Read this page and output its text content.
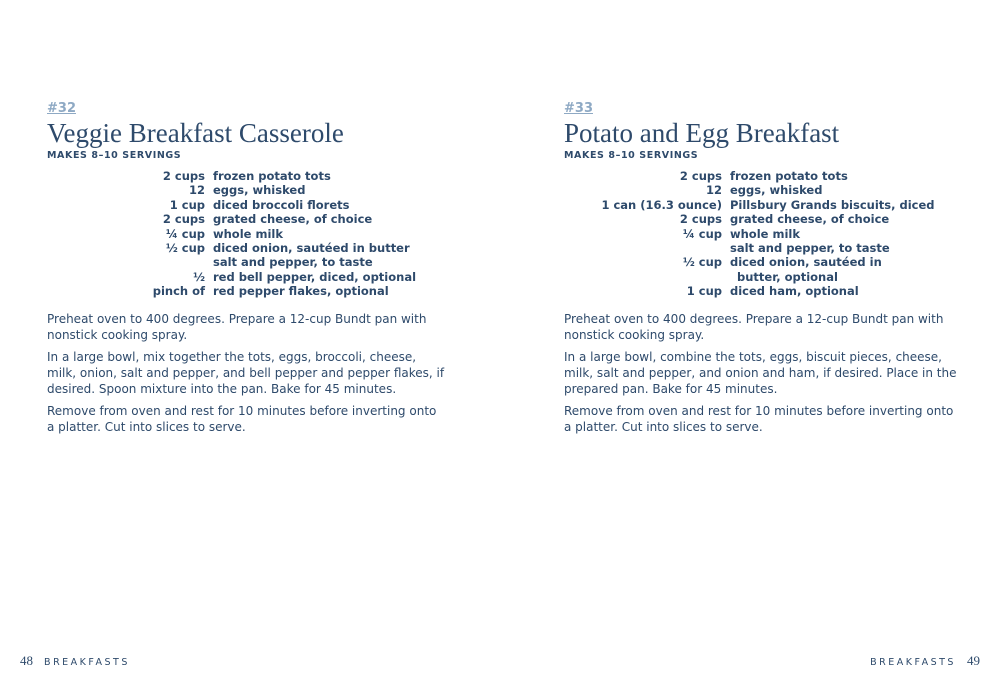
#32
Veggie Breakfast Casserole
MAKES 8–10 SERVINGS
2 cups frozen potato tots
12 eggs, whisked
1 cup diced broccoli florets
2 cups grated cheese, of choice
¼ cup whole milk
½ cup diced onion, sautéed in butter
salt and pepper, to taste
½ red bell pepper, diced, optional
pinch of red pepper flakes, optional

Preheat oven to 400 degrees. Prepare a 12-cup Bundt pan with nonstick cooking spray.

In a large bowl, mix together the tots, eggs, broccoli, cheese, milk, onion, salt and pepper, and bell pepper and pepper flakes, if desired. Spoon mixture into the pan. Bake for 45 minutes.

Remove from oven and rest for 10 minutes before inverting onto a platter. Cut into slices to serve.

48 BREAKFASTS
#33
Potato and Egg Breakfast
MAKES 8–10 SERVINGS
2 cups frozen potato tots
12 eggs, whisked
1 can (16.3 ounce) Pillsbury Grands biscuits, diced
2 cups grated cheese, of choice
¼ cup whole milk
salt and pepper, to taste
½ cup diced onion, sautéed in
butter, optional
1 cup diced ham, optional

Preheat oven to 400 degrees. Prepare a 12-cup Bundt pan with nonstick cooking spray.

In a large bowl, combine the tots, eggs, biscuit pieces, cheese, milk, salt and pepper, and onion and ham, if desired. Place in the prepared pan. Bake for 45 minutes.

Remove from oven and rest for 10 minutes before inverting onto a platter. Cut into slices to serve.

BREAKFASTS 49
